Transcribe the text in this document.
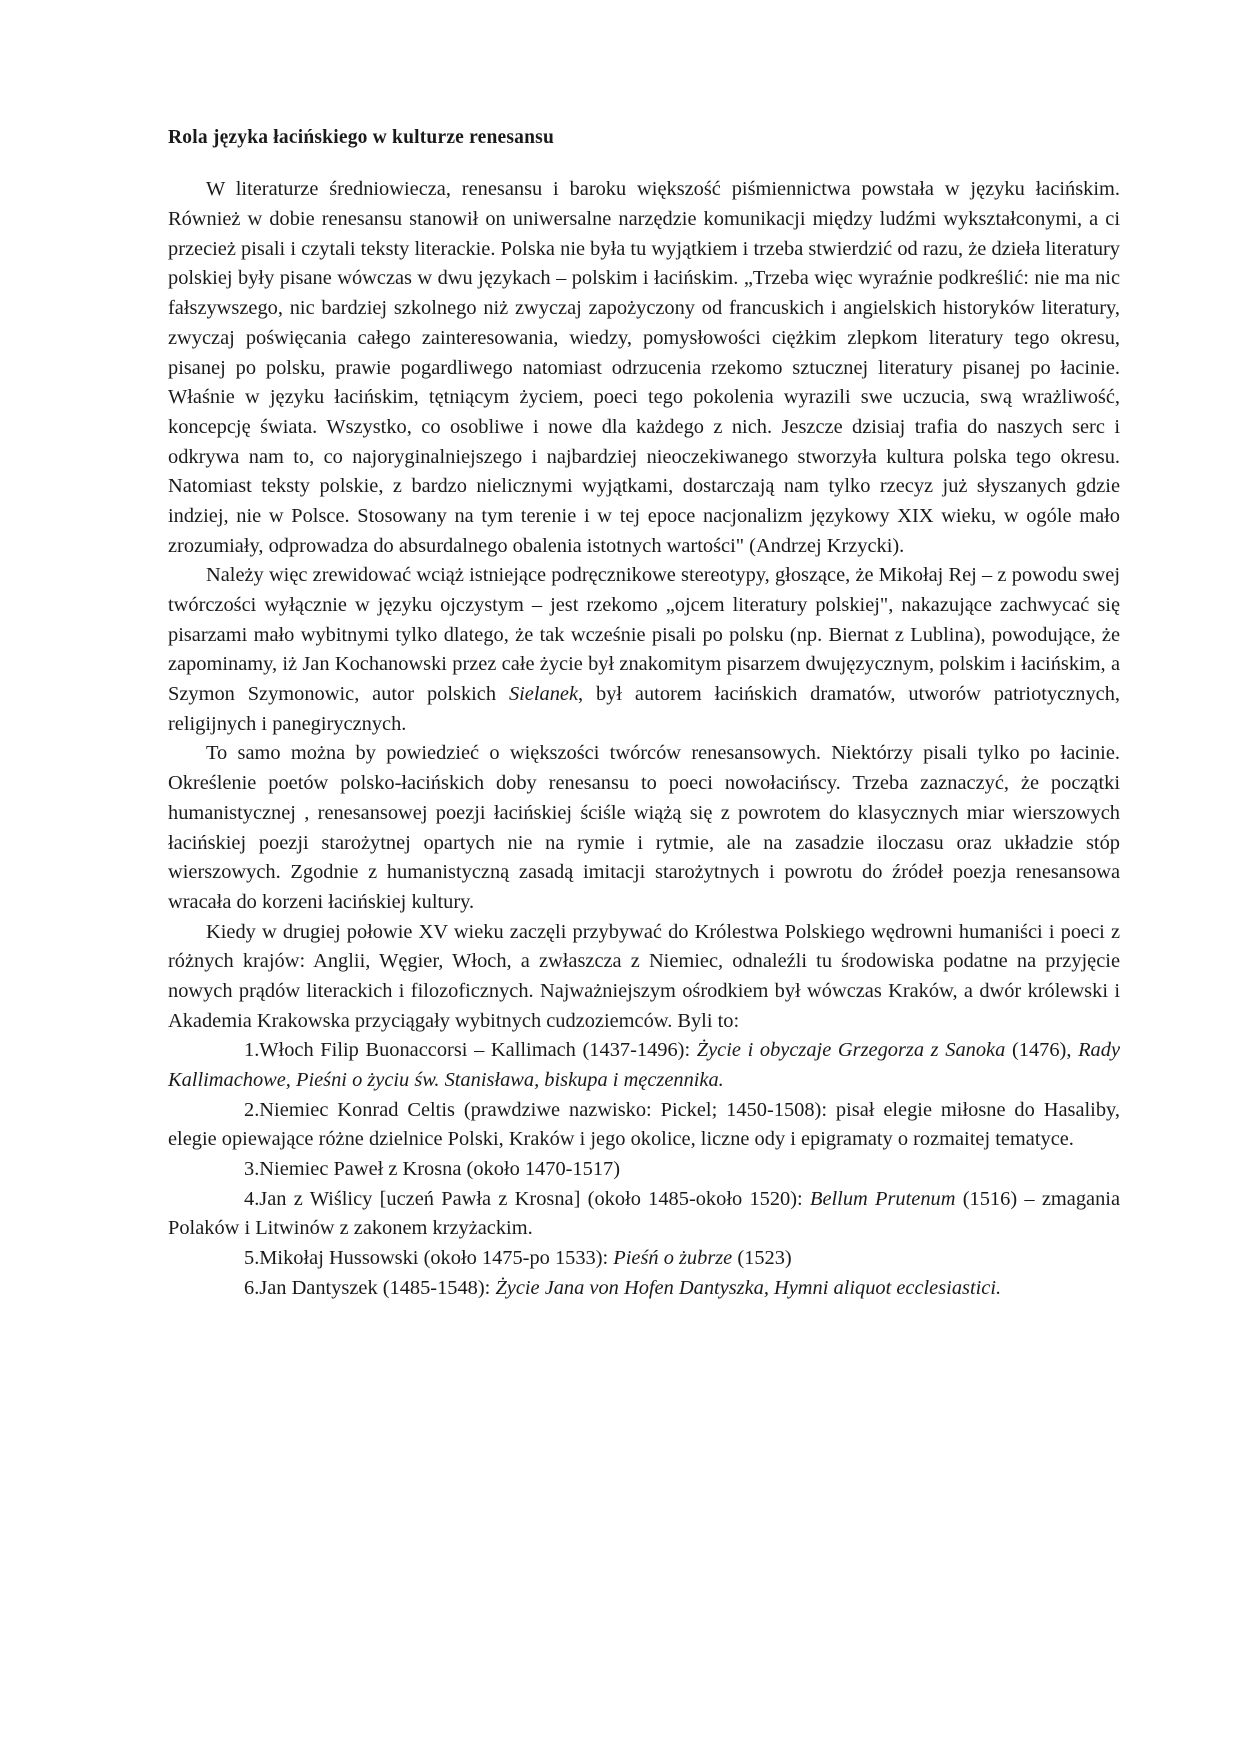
Rola języka łacińskiego w kulturze renesansu

W literaturze średniowiecza, renesansu i baroku większość piśmiennictwa powstała w języku łacińskim. Również w dobie renesansu stanowił on uniwersalne narzędzie komunikacji między ludźmi wykształconymi, a ci przecież pisali i czytali teksty literackie. Polska nie była tu wyjątkiem i trzeba stwierdzić od razu, że dzieła literatury polskiej były pisane wówczas w dwu językach – polskim i łacińskim. „Trzeba więc wyraźnie podkreślić: nie ma nic fałszywszego, nic bardziej szkolnego niż zwyczaj zapożyczony od francuskich i angielskich historyków literatury, zwyczaj poświęcania całego zainteresowania, wiedzy, pomysłowości ciężkim zlepkom literatury tego okresu, pisanej po polsku, prawie pogardliwego natomiast odrzucenia rzekomo sztucznej literatury pisanej po łacinie. Właśnie w języku łacińskim, tętniącym życiem, poeci tego pokolenia wyrazili swe uczucia, swą wrażliwość, koncepcję świata. Wszystko, co osobliwe i nowe dla każdego z nich. Jeszcze dzisiaj trafia do naszych serc i odkrywa nam to, co najoryginalniejszego i najbardziej nieoczekiwanego stworzyła kultura polska tego okresu. Natomiast teksty polskie, z bardzo nielicznymi wyjątkami, dostarczają nam tylko rzecyz już słyszanych gdzie indziej, nie w Polsce. Stosowany na tym terenie i w tej epoce nacjonalizm językowy XIX wieku, w ogóle mało zrozumiały, odprowadza do absurdalnego obalenia istotnych wartości" (Andrzej Krzycki).

Należy więc zrewidować wciąż istniejące podręcznikowe stereotypy, głoszące, że Mikołaj Rej – z powodu swej twórczości wyłącznie w języku ojczystym – jest rzekomo „ojcem literatury polskiej", nakazujące zachwycać się pisarzami mało wybitnymi tylko dlatego, że tak wcześnie pisali po polsku (np. Biernat z Lublina), powodujące, że zapominamy, iż Jan Kochanowski przez całe życie był znakomitym pisarzem dwujęzycznym, polskim i łacińskim, a Szymon Szymonowic, autor polskich Sielanek, był autorem łacińskich dramatów, utworów patriotycznych, religijnych i panegirycznych.

To samo można by powiedzieć o większości twórców renesansowych. Niektórzy pisali tylko po łacinie. Określenie poetów polsko-łacińskich doby renesansu to poeci nowołacińscy. Trzeba zaznaczyć, że początki humanistycznej , renesansowej poezji łacińskiej ściśle wiążą się z powrotem do klasycznych miar wierszowych łacińskiej poezji starożytnej opartych nie na rymie i rytmie, ale na zasadzie iloczasu oraz układzie stóp wierszowych. Zgodnie z humanistyczną zasadą imitacji starożytnych i powrotu do źródeł poezja renesansowa wracała do korzeni łacińskiej kultury.

Kiedy w drugiej połowie XV wieku zaczęli przybywać do Królestwa Polskiego wędrowni humaniści i poeci z różnych krajów: Anglii, Węgier, Włoch, a zwłaszcza z Niemiec, odnaleźli tu środowiska podatne na przyjęcie nowych prądów literackich i filozoficznych. Najważniejszym ośrodkiem był wówczas Kraków, a dwór królewski i Akademia Krakowska przyciągały wybitnych cudzoziemców. Byli to:

1.Włoch Filip Buonaccorsi – Kallimach (1437-1496): Życie i obyczaje Grzegorza z Sanoka (1476), Rady Kallimachowe, Pieśni o życiu św. Stanisława, biskupa i męczennika.

2.Niemiec Konrad Celtis (prawdziwe nazwisko: Pickel; 1450-1508): pisał elegie miłosne do Hasaliby, elegie opiewające różne dzielnice Polski, Kraków i jego okolice, liczne ody i epigramaty o rozmaitej tematyce.

3.Niemiec Paweł z Krosna (około 1470-1517)

4.Jan z Wiślicy [uczeń Pawła z Krosna] (około 1485-około 1520): Bellum Prutenum (1516) – zmagania Polaków i Litwinów z zakonem krzyżackim.

5.Mikołaj Hussowski (około 1475-po 1533): Pieśń o żubrze (1523)

6.Jan Dantyszek (1485-1548): Życie Jana von Hofen Dantyszka, Hymni aliquot ecclesiastici.
